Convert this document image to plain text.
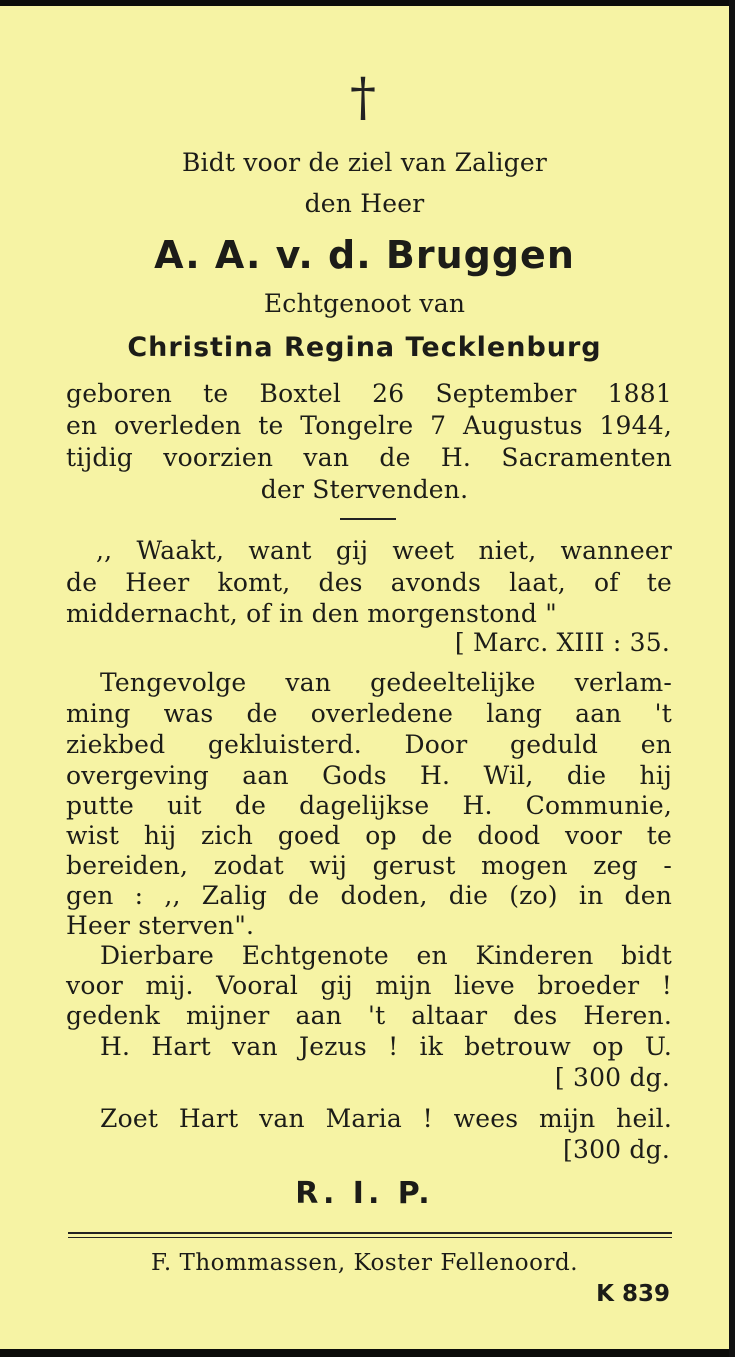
†

Bidt voor de ziel van Zaliger

den Heer

A. A. v. d. Bruggen

Echtgenoot van

Christina Regina Tecklenburg

geboren te Boxtel 26 September 1881

en overleden te Tongelre 7 Augustus 1944,

tijdig voorzien van de H. Sacramenten

der Stervenden.

,, Waakt, want gij weet niet, wanneer

de Heer komt, des avonds laat, of te

middernacht, of in den morgenstond "

[ Marc. XIII : 35.

Tengevolge van gedeeltelijke verlam-

ming was de overledene lang aan 't

ziekbed gekluisterd. Door geduld en

overgeving aan Gods H. Wil, die hij

putte uit de dagelijkse H. Communie,

wist hij zich goed op de dood voor te

bereiden, zodat wij gerust mogen zeg -

gen : ,, Zalig de doden, die (zo) in den

Heer sterven".

Dierbare Echtgenote en Kinderen bidt

voor mij. Vooral gij mijn lieve broeder !

gedenk mijner aan 't altaar des Heren.

H. Hart van Jezus ! ik betrouw op U.

[ 300 dg.

Zoet Hart van Maria ! wees mijn heil.

[300 dg.

R. I. P.

F. Thommassen, Koster Fellenoord.

K 839
